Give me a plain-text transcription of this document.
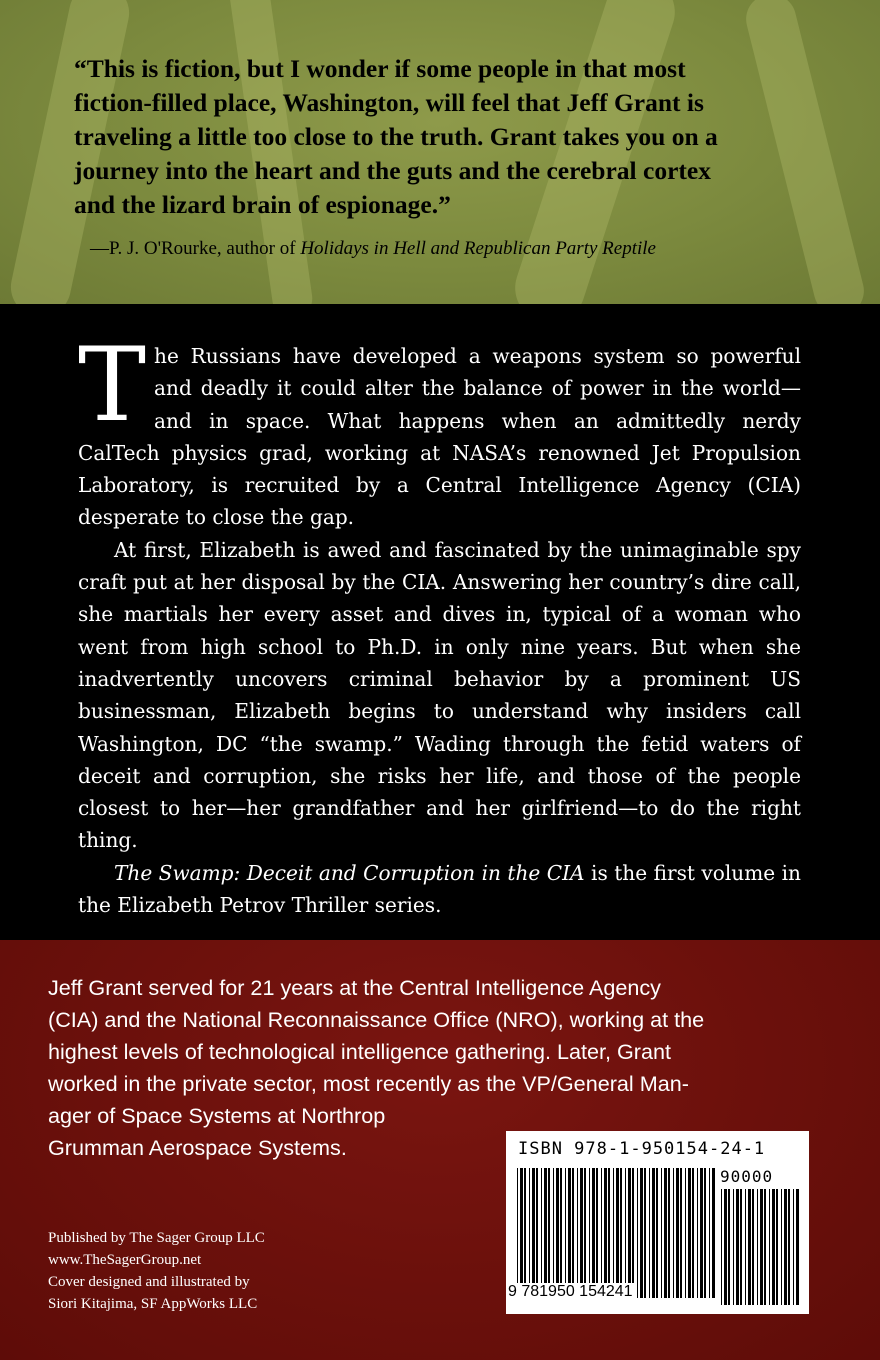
“This is fiction, but I wonder if some people in that most
fiction-filled place, Washington, will feel that Jeff Grant is
traveling a little too close to the truth. Grant takes you on a
journey into the heart and the guts and the cerebral cortex
and the lizard brain of espionage.”
—P. J. O'Rourke, author of Holidays in Hell and Republican Party Reptile

The Russians have developed a weapons system so powerful and deadly it could alter the balance of power in the world—and in space. What happens when an admittedly nerdy CalTech physics grad, working at NASA’s renowned Jet Propulsion Laboratory, is recruited by a Central Intelligence Agency (CIA) desperate to close the gap.

At first, Elizabeth is awed and fascinated by the unimaginable spy craft put at her disposal by the CIA. Answering her country’s dire call, she martials her every asset and dives in, typical of a woman who went from high school to Ph.D. in only nine years. But when she inadvertently uncovers criminal behavior by a prominent US businessman, Elizabeth begins to understand why insiders call Washington, DC “the swamp.” Wading through the fetid waters of deceit and corruption, she risks her life, and those of the people closest to her—her grandfather and her girlfriend—to do the right thing.

The Swamp: Deceit and Corruption in the CIA is the first volume in the Elizabeth Petrov Thriller series.

Jeff Grant served for 21 years at the Central Intelligence Agency
(CIA) and the National Reconnaissance Office (NRO), working at the
highest levels of technological intelligence gathering. Later, Grant
worked in the private sector, most recently as the VP/General Man-
ager of Space Systems at Northrop
Grumman Aerospace Systems.
Published by The Sager Group LLC
www.TheSagerGroup.net
Cover designed and illustrated by
Siori Kitajima, SF AppWorks LLC
ISBN 978-1-950154-24-1
90000
9 781950 154241
